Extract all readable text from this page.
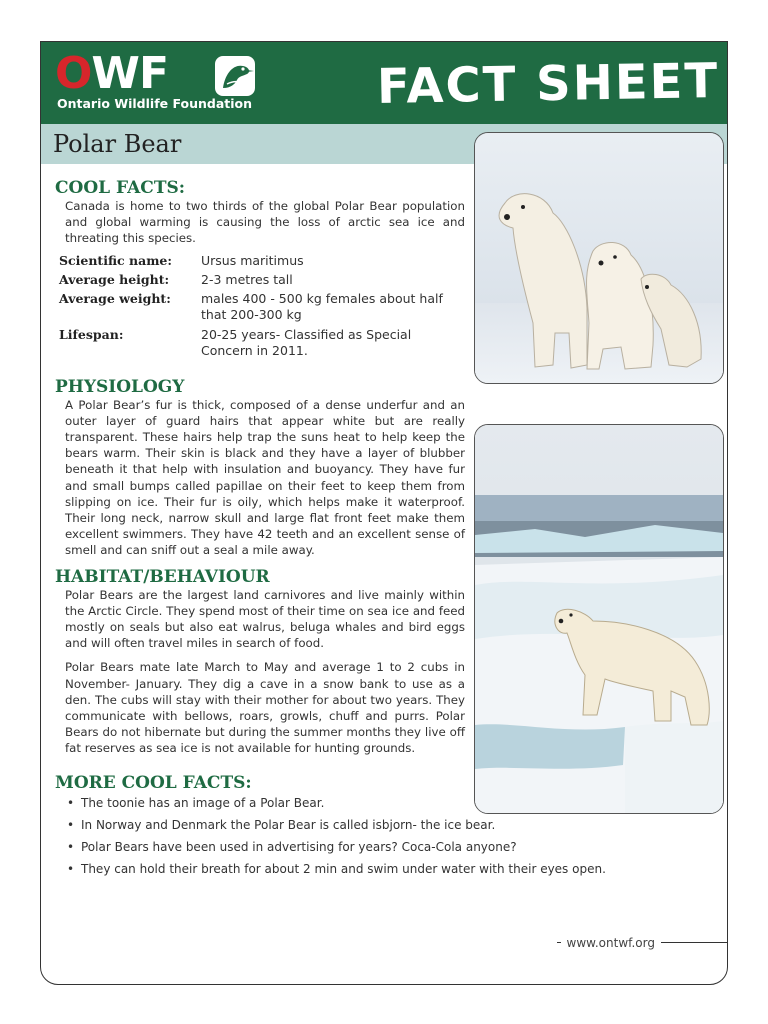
OWF
Ontario Wildlife Foundation	FACT SHEET
Polar Bear
COOL FACTS:

Canada is home to two thirds of the global Polar Bear population and global warming is causing the loss of arctic sea ice and threating this species.

Scientific name:	Ursus maritimus
Average height:	2-3 metres tall
Average weight:	males 400 - 500 kg females about half that 200-300 kg
Lifespan:	20-25 years- Classified as Special Concern in 2011.
PHYSIOLOGY

A Polar Bear’s fur is thick, composed of a dense underfur and an outer layer of guard hairs that appear white but are really transparent. These hairs help trap the suns heat to help keep the bears warm. Their skin is black and they have a layer of blubber beneath it that help with insulation and buoyancy. They have fur and small bumps called papillae on their feet to keep them from slipping on ice. Their fur is oily, which helps make it waterproof. Their long neck, narrow skull and large flat front feet make them excellent swimmers. They have 42 teeth and an excellent sense of smell and can sniff out a seal a mile away.

HABITAT/BEHAVIOUR

Polar Bears are the largest land carnivores and live mainly within the Arctic Circle. They spend most of their time on sea ice and feed mostly on seals but also eat walrus, beluga whales and bird eggs and will often travel miles in search of food.

Polar Bears mate late March to May and average 1 to 2 cubs in November- January. They dig a cave in a snow bank to use as a den. The cubs will stay with their mother for about two years. They communicate with bellows, roars, growls, chuff and purrs. Polar Bears do not hibernate but during the summer months they live off fat reserves as sea ice is not available for hunting grounds.

MORE COOL FACTS:
• The toonie has an image of a Polar Bear.
• In Norway and Denmark the Polar Bear is called isbjorn- the ice bear.
• Polar Bears have been used in advertising for years? Coca-Cola anyone?
• They can hold their breath for about 2 min and swim under water with their eyes open.
www.ontwf.org
